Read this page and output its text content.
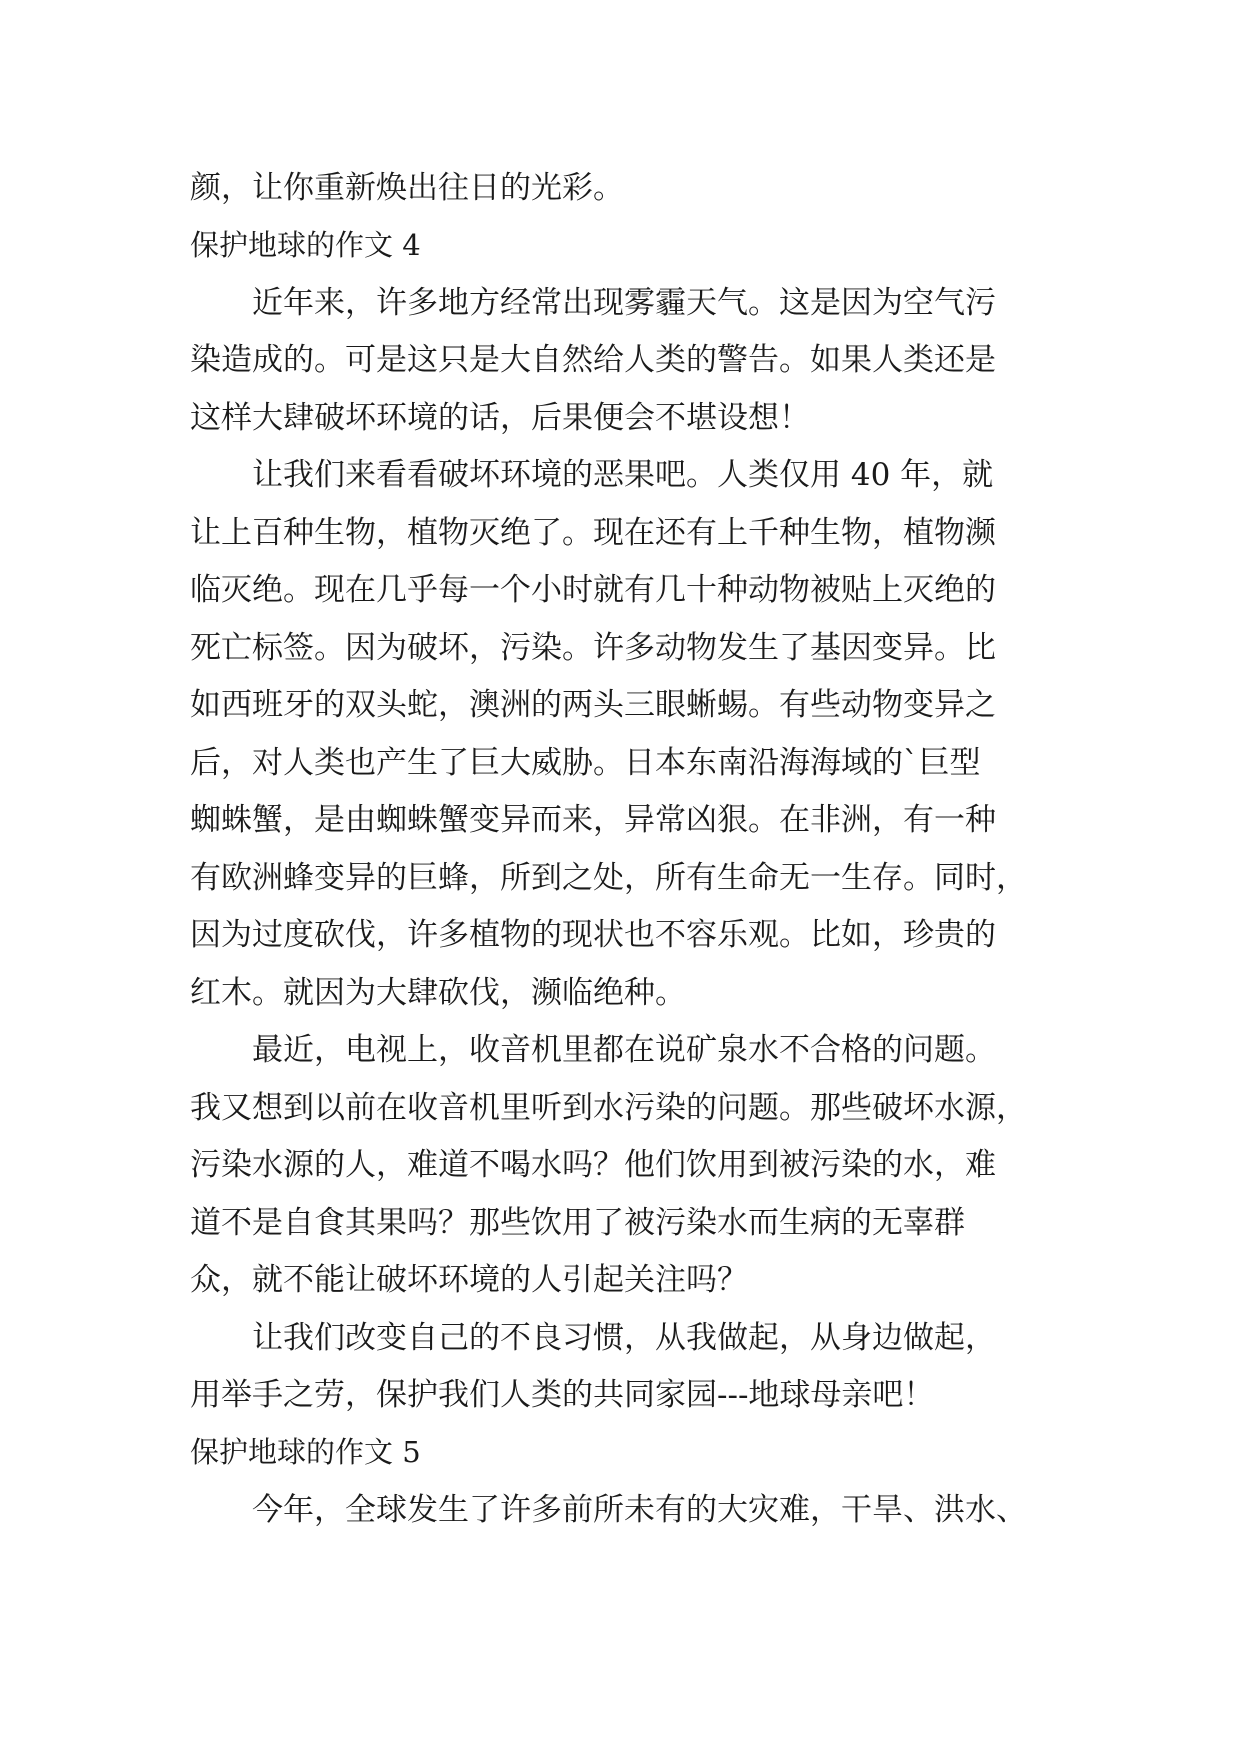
颜，让你重新焕出往日的光彩。
保护地球的作文 4
近年来，许多地方经常出现雾霾天气。这是因为空气污
染造成的。可是这只是大自然给人类的警告。如果人类还是
这样大肆破坏环境的话，后果便会不堪设想！
让我们来看看破坏环境的恶果吧。人类仅用 40 年，就
让上百种生物，植物灭绝了。现在还有上千种生物，植物濒
临灭绝。现在几乎每一个小时就有几十种动物被贴上灭绝的
死亡标签。因为破坏，污染。许多动物发生了基因变异。比
如西班牙的双头蛇，澳洲的两头三眼蜥蜴。有些动物变异之
后，对人类也产生了巨大威胁。日本东南沿海海域的`巨型
蜘蛛蟹，是由蜘蛛蟹变异而来，异常凶狠。在非洲，有一种
有欧洲蜂变异的巨蜂，所到之处，所有生命无一生存。同时，
因为过度砍伐，许多植物的现状也不容乐观。比如，珍贵的
红木。就因为大肆砍伐，濒临绝种。
最近，电视上，收音机里都在说矿泉水不合格的问题。
我又想到以前在收音机里听到水污染的问题。那些破坏水源，
污染水源的人，难道不喝水吗？他们饮用到被污染的水，难
道不是自食其果吗？那些饮用了被污染水而生病的无辜群
众，就不能让破坏环境的人引起关注吗？
让我们改变自己的不良习惯，从我做起，从身边做起，
用举手之劳，保护我们人类的共同家园---地球母亲吧！
保护地球的作文 5
今年，全球发生了许多前所未有的大灾难，干旱、洪水、
